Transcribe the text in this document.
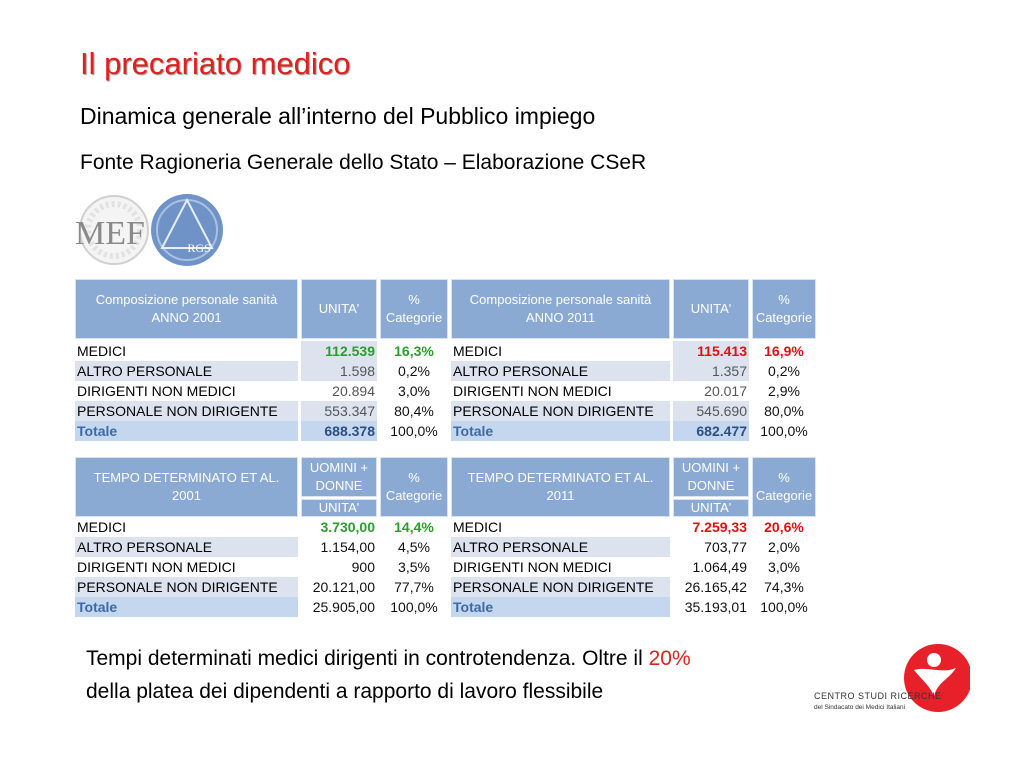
Il precariato medico
Dinamica generale all’interno del Pubblico impiego
Fonte Ragioneria Generale dello Stato – Elaborazione CSeR
MEF	RGS
Composizione personale sanità ANNO 2001
UNITA'
% Categorie
MEDICI	112.539	16,3%
ALTRO PERSONALE	1.598	0,2%
DIRIGENTI NON MEDICI	20.894	3,0%
PERSONALE NON DIRIGENTE	553.347	80,4%
Totale	688.378	100,0%
Composizione personale sanità ANNO 2011
UNITA'
% Categorie
MEDICI	115.413	16,9%
ALTRO PERSONALE	1.357	0,2%
DIRIGENTI NON MEDICI	20.017	2,9%
PERSONALE NON DIRIGENTE	545.690	80,0%
Totale	682.477 100,0%
TEMPO DETERMINATO ET AL. 2001
UOMINI + DONNE
UNITA'
% Categorie
MEDICI	3.730,00	14,4%
ALTRO PERSONALE	1.154,00	4,5%
DIRIGENTI NON MEDICI	900	3,5%
PERSONALE NON DIRIGENTE	20.121,00	77,7%
Totale	25.905,00	100,0%
TEMPO DETERMINATO ET AL. 2011
UOMINI + DONNE
UNITA'
% Categorie
MEDICI	7.259,33	20,6%
ALTRO PERSONALE	703,77	2,0%
DIRIGENTI NON MEDICI	1.064,49	3,0%
PERSONALE NON DIRIGENTE	26.165,42	74,3%
Totale	35.193,01 100,0%
Tempi determinati medici dirigenti in controtendenza. Oltre il 20%
della platea dei dipendenti a rapporto di lavoro flessibile	CENTRO STUDI RICERCHE
del Sindacato dei Medici Italiani
